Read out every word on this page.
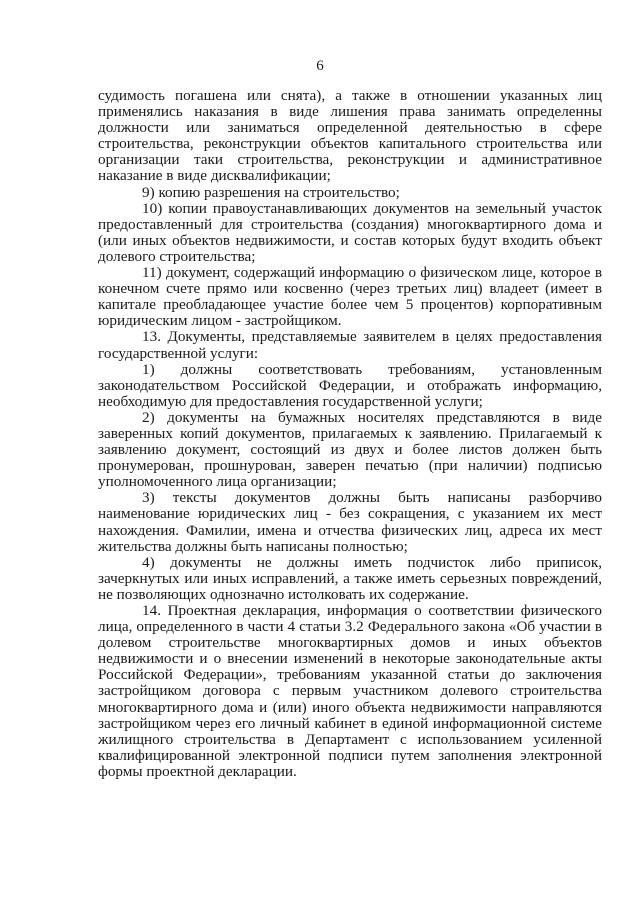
6

судимость погашена или снята), а также в отношении указанных лиц применялись наказания в виде лишения права занимать определенны должности или заниматься определенной деятельностью в сфере строительства, реконструкции объектов капитального строительства или организации таки строительства, реконструкции и административное наказание в виде дисквалификации;

9) копию разрешения на строительство;

10) копии правоустанавливающих документов на земельный участок предоставленный для строительства (создания) многоквартирного дома и (или иных объектов недвижимости, и состав которых будут входить объект долевого строительства;

11) документ, содержащий информацию о физическом лице, которое в конечном счете прямо или косвенно (через третьих лиц) владеет (имеет в капитале преобладающее участие более чем 5 процентов) корпоративным юридическим лицом - застройщиком.

13. Документы, представляемые заявителем в целях предоставления государственной услуги:

1) должны соответствовать требованиям, установленным законодательством Российской Федерации, и отображать информацию, необходимую для предоставления государственной услуги;

2) документы на бумажных носителях представляются в виде заверенных копий документов, прилагаемых к заявлению. Прилагаемый к заявлению документ, состоящий из двух и более листов должен быть пронумерован, прошнурован, заверен печатью (при наличии) подписью уполномоченного лица организации;

3) тексты документов должны быть написаны разборчиво наименование юридических лиц - без сокращения, с указанием их мест нахождения. Фамилии, имена и отчества физических лиц, адреса их мест жительства должны быть написаны полностью;

4) документы не должны иметь подчисток либо приписок, зачеркнутых или иных исправлений, а также иметь серьезных повреждений, не позволяющих однозначно истолковать их содержание.

14. Проектная декларация, информация о соответствии физического лица, определенного в части 4 статьи 3.2 Федерального закона «Об участии в долевом строительстве многоквартирных домов и иных объектов недвижимости и о внесении изменений в некоторые законодательные акты Российской Федерации», требованиям указанной статьи до заключения застройщиком договора с первым участником долевого строительства многоквартирного дома и (или) иного объекта недвижимости направляются застройщиком через его личный кабинет в единой информационной системе жилищного строительства в Департамент с использованием усиленной квалифицированной электронной подписи путем заполнения электронной формы проектной декларации.
